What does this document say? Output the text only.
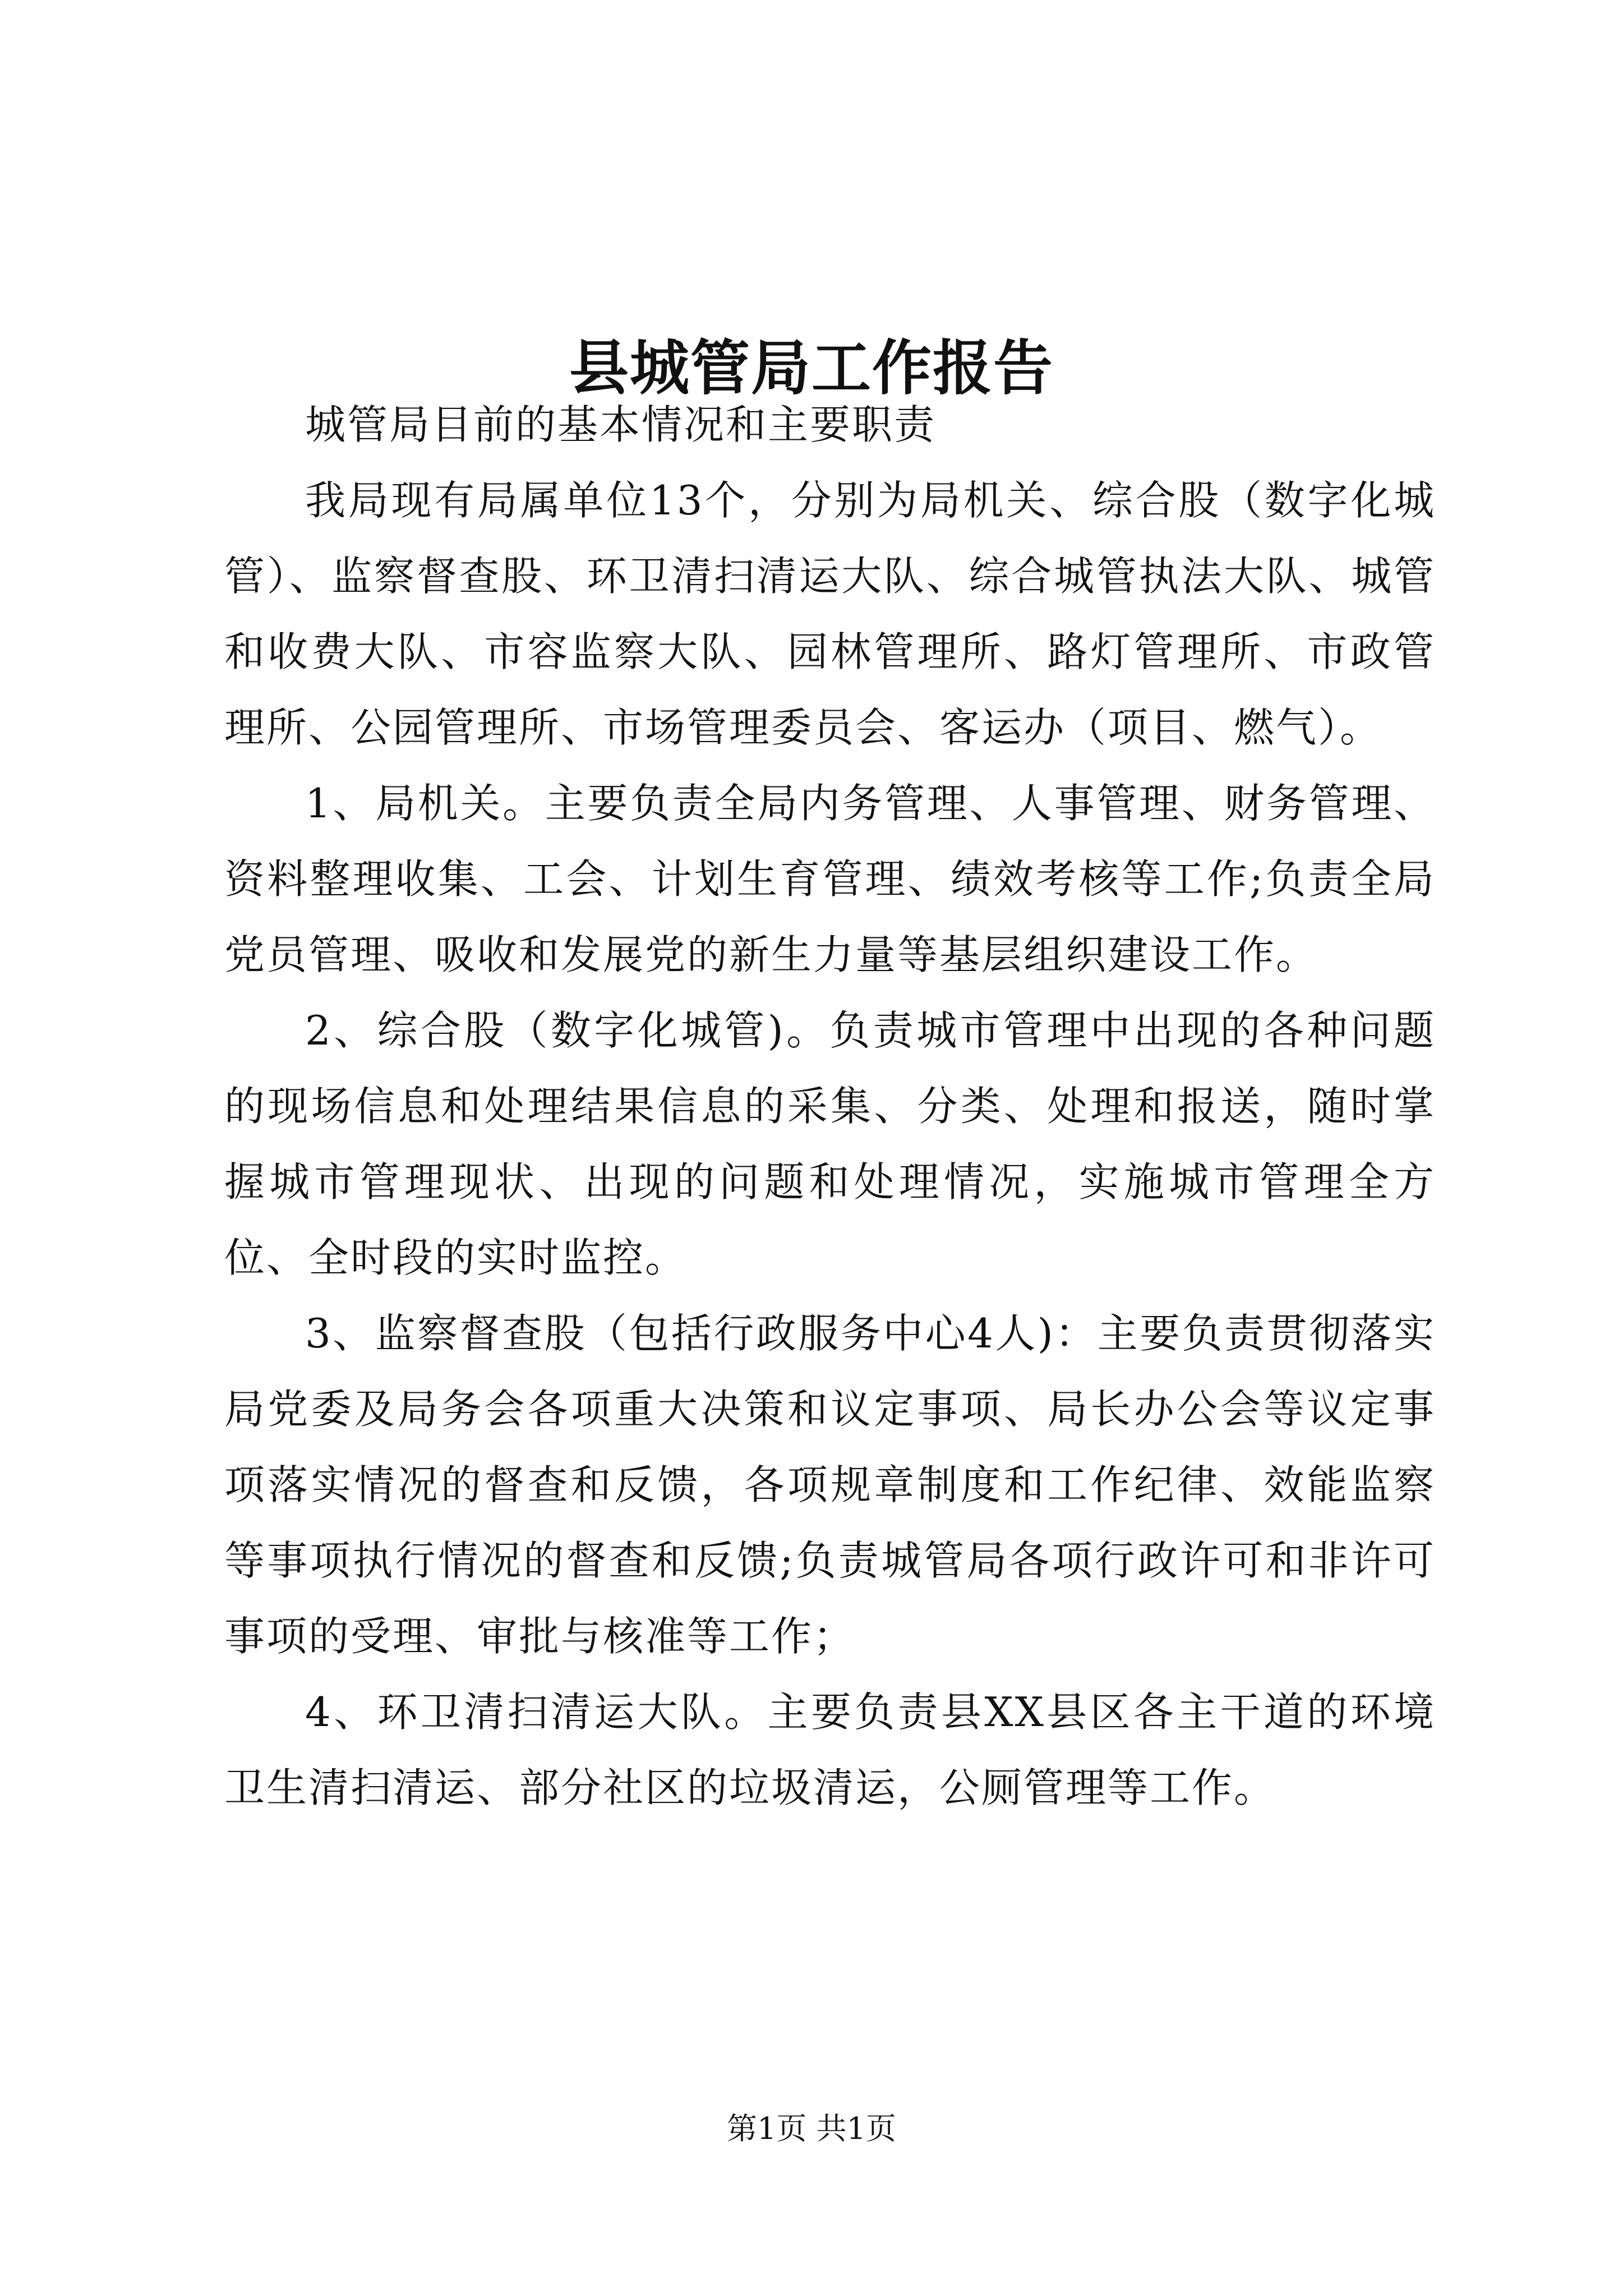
县城管局工作报告

城管局目前的基本情况和主要职责

我局现有局属单位13个，分别为局机关、综合股（数字化城管）、监察督查股、环卫清扫清运大队、综合城管执法大队、城管和收费大队、市容监察大队、园林管理所、路灯管理所、市政管理所、公园管理所、市场管理委员会、客运办（项目、燃气）。

1、局机关。主要负责全局内务管理、人事管理、财务管理、资料整理收集、工会、计划生育管理、绩效考核等工作;负责全局党员管理、吸收和发展党的新生力量等基层组织建设工作。

2、综合股（数字化城管)。负责城市管理中出现的各种问题的现场信息和处理结果信息的采集、分类、处理和报送，随时掌握城市管理现状、出现的问题和处理情况，实施城市管理全方位、全时段的实时监控。

3、监察督查股（包括行政服务中心4人)：主要负责贯彻落实局党委及局务会各项重大决策和议定事项、局长办公会等议定事项落实情况的督查和反馈，各项规章制度和工作纪律、效能监察等事项执行情况的督查和反馈;负责城管局各项行政许可和非许可事项的受理、审批与核准等工作；

4、环卫清扫清运大队。主要负责县XX县区各主干道的环境卫生清扫清运、部分社区的垃圾清运，公厕管理等工作。

第1页 共1页
